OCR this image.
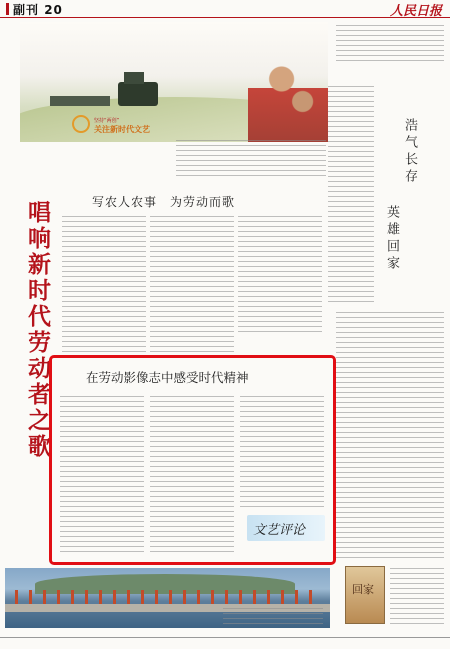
副刊 20	人民日报
坚持“两创”
关注新时代文艺
写农人农事　为劳动而歌
唱响新时代劳动者之歌
浩气长存
英雄回家
在劳动影像志中感受时代精神
文艺评论
回家
